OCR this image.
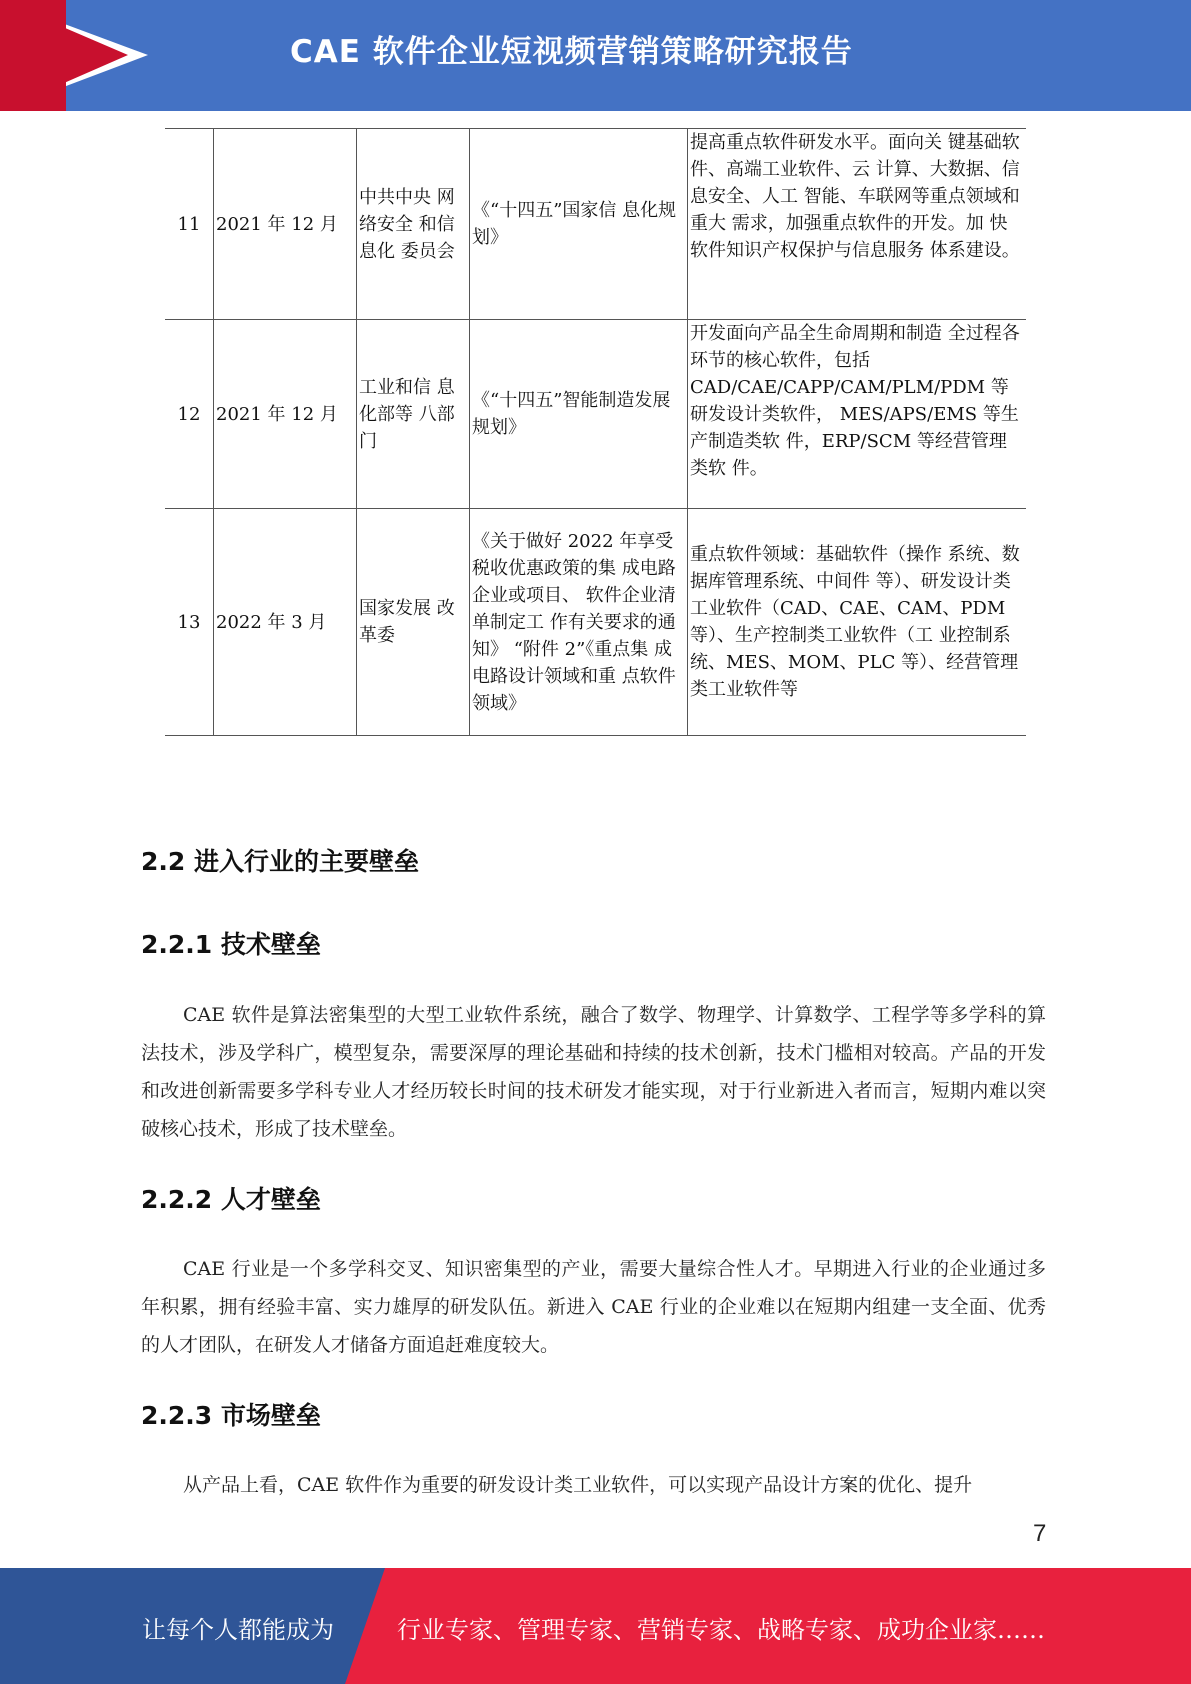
CAE 软件企业短视频营销策略研究报告
11	2021 年 12 月	中共中央 网络安全 和信息化 委员会	《“十四五”国家信 息化规划》	提高重点软件研发水平。面向关 键基础软件、高端工业软件、云 计算、大数据、信息安全、人工 智能、车联网等重点领域和重大 需求，加强重点软件的开发。加 快软件知识产权保护与信息服务 体系建设。
12	2021 年 12 月	工业和信 息化部等 八部门	《“十四五”智能制造发展规划》	开发面向产品全生命周期和制造 全过程各环节的核心软件，包括 CAD/CAE/CAPP/CAM/PLM/PDM 等研发设计类软件， MES/APS/EMS 等生产制造类软 件，ERP/SCM 等经营管理类软 件。
13	2022 年 3 月	国家发展 改革委	《关于做好 2022 年享受税收优惠政策的集 成电路企业或项目、 软件企业清单制定工 作有关要求的通知》 “附件 2”《重点集 成电路设计领域和重 点软件领域》	重点软件领域：基础软件（操作 系统、数据库管理系统、中间件 等）、研发设计类工业软件（CAD、CAE、CAM、PDM等）、生产控制类工业软件（工 业控制系统、MES、MOM、PLC 等）、经营管理类工业软件等
2.2 进入行业的主要壁垒
2.2.1 技术壁垒
CAE 软件是算法密集型的大型工业软件系统，融合了数学、物理学、计算数学、工程学等多学科的算法技术，涉及学科广，模型复杂，需要深厚的理论基础和持续的技术创新，技术门槛相对较高。产品的开发和改进创新需要多学科专业人才经历较长时间的技术研发才能实现，对于行业新进入者而言，短期内难以突破核心技术，形成了技术壁垒。
2.2.2 人才壁垒
CAE 行业是一个多学科交叉、知识密集型的产业，需要大量综合性人才。早期进入行业的企业通过多年积累，拥有经验丰富、实力雄厚的研发队伍。新进入 CAE 行业的企业难以在短期内组建一支全面、优秀的人才团队，在研发人才储备方面追赶难度较大。
2.2.3 市场壁垒
从产品上看，CAE 软件作为重要的研发设计类工业软件，可以实现产品设计方案的优化、提升
7
让每个人都能成为	行业专家、管理专家、营销专家、战略专家、成功企业家……
